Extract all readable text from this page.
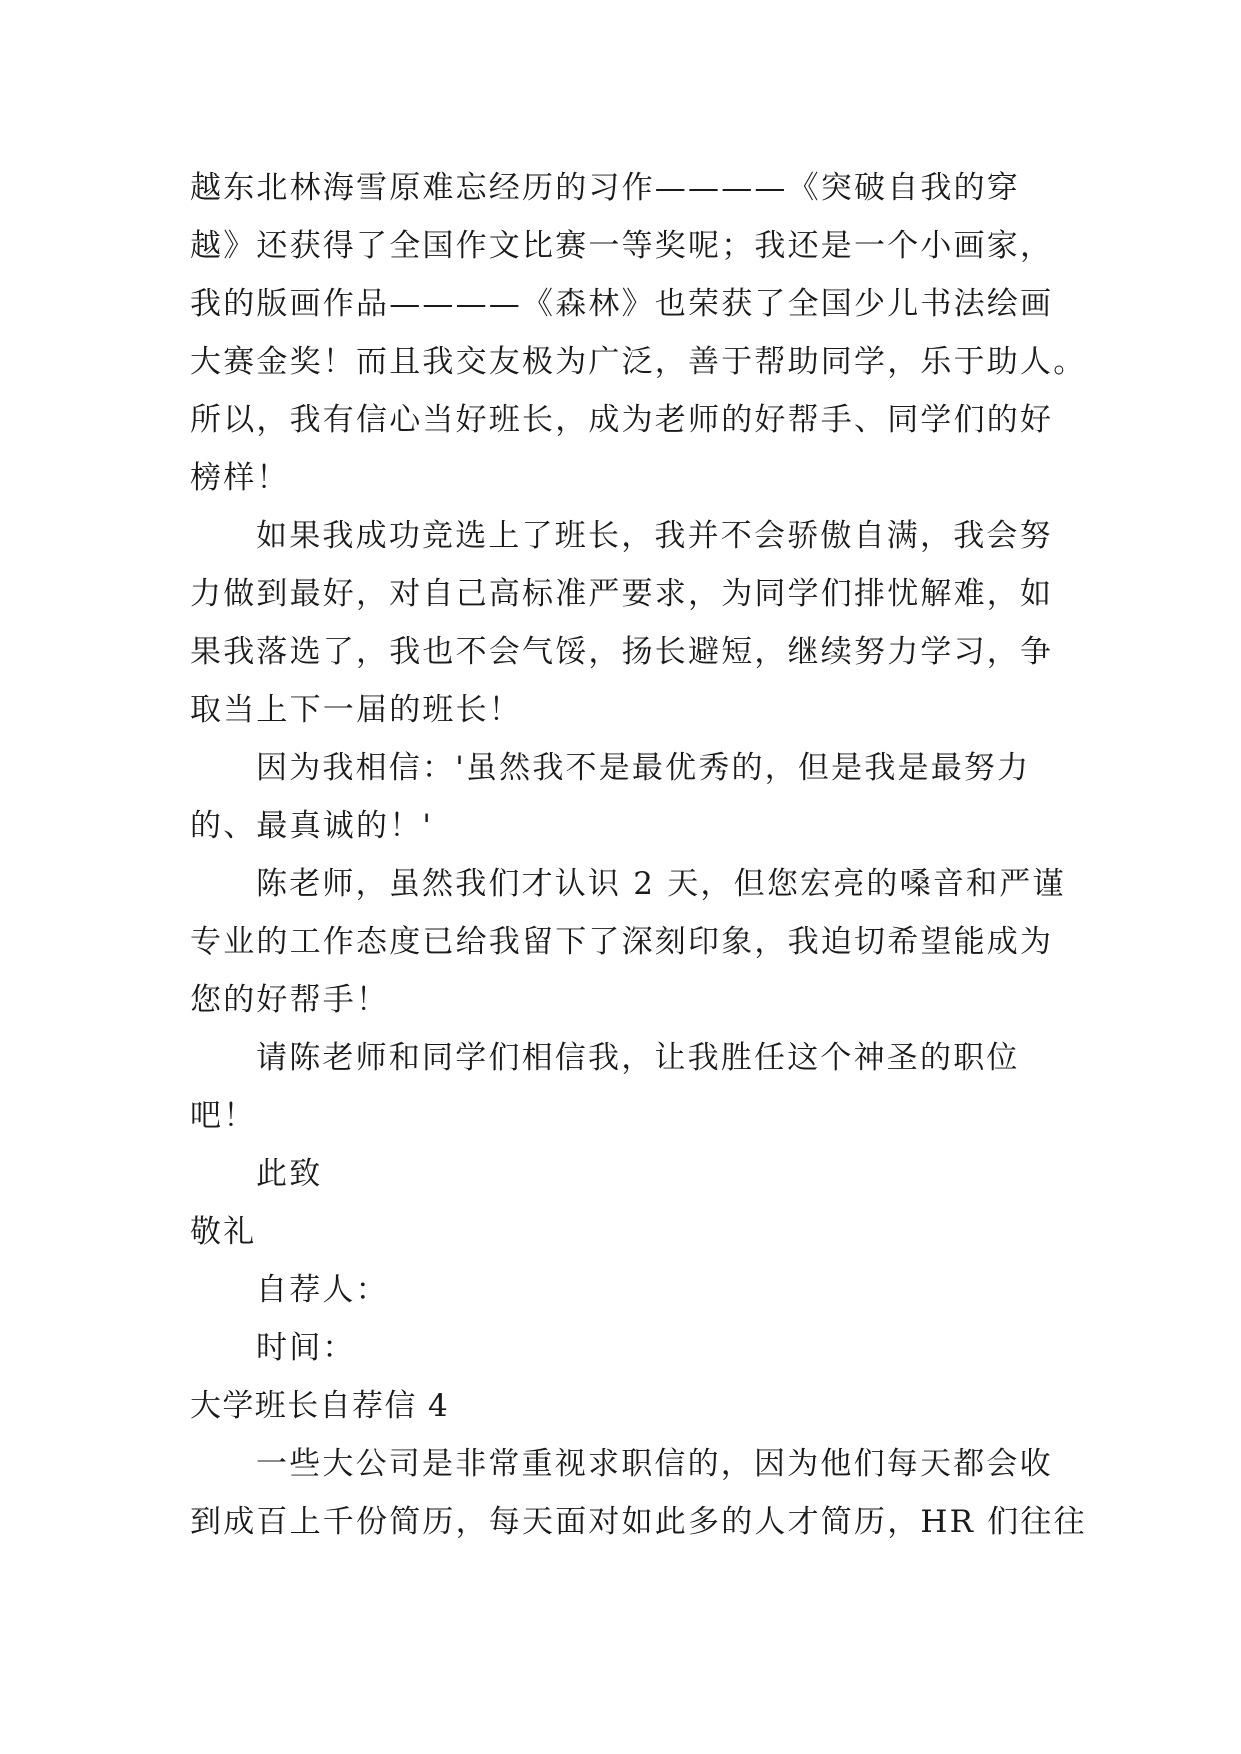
越东北林海雪原难忘经历的习作————《突破自我的穿
越》还获得了全国作文比赛一等奖呢；我还是一个小画家，
我的版画作品————《森林》也荣获了全国少儿书法绘画
大赛金奖！而且我交友极为广泛，善于帮助同学，乐于助人。
所以，我有信心当好班长，成为老师的好帮手、同学们的好
榜样！
如果我成功竞选上了班长，我并不会骄傲自满，我会努
力做到最好，对自己高标准严要求，为同学们排忧解难，如
果我落选了，我也不会气馁，扬长避短，继续努力学习，争
取当上下一届的班长！
因为我相信：'虽然我不是最优秀的，但是我是最努力
的、最真诚的！'
陈老师，虽然我们才认识 2 天，但您宏亮的嗓音和严谨
专业的工作态度已给我留下了深刻印象，我迫切希望能成为
您的好帮手！
请陈老师和同学们相信我，让我胜任这个神圣的职位
吧！
此致
敬礼
自荐人：
时间：
大学班长自荐信 4
一些大公司是非常重视求职信的，因为他们每天都会收
到成百上千份简历，每天面对如此多的人才简历，HR 们往往
